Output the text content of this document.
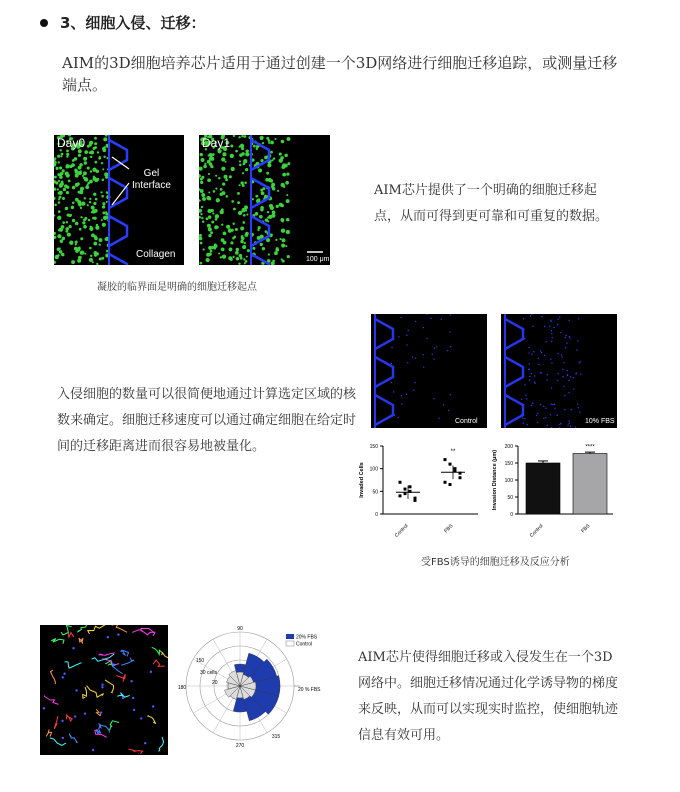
3、细胞入侵、迁移：
AIM的3D细胞培养芯片适用于通过创建一个3D网络进行细胞迁移追踪，或测量迁移端点。
Day0
Gel
Interface
Collagen
Day1
100 μm
凝胶的临界面是明确的细胞迁移起点
AIM芯片提供了一个明确的细胞迁移起点，从而可得到更可靠和可重复的数据。
Control	10% FBS
入侵细胞的数量可以很简便地通过计算选定区域的核数来确定。细胞迁移速度可以通过确定细胞在给定时间的迁移距离进而很容易地被量化。
0
50
100
150
Invaded Cells
Control	FBS
**
0
50
100
150
200
Invasion Distance (μm)
Control	FBS
****
受FBS诱导的细胞迁移及反应分析
90
270
180
315
150
30 cells
20
20 % FBS
20% FBS
Control
AIM芯片使得细胞迁移或入侵发生在一个3D网络中。细胞迁移情况通过化学诱导物的梯度来反映，从而可以实现实时监控，使细胞轨迹信息有效可用。
